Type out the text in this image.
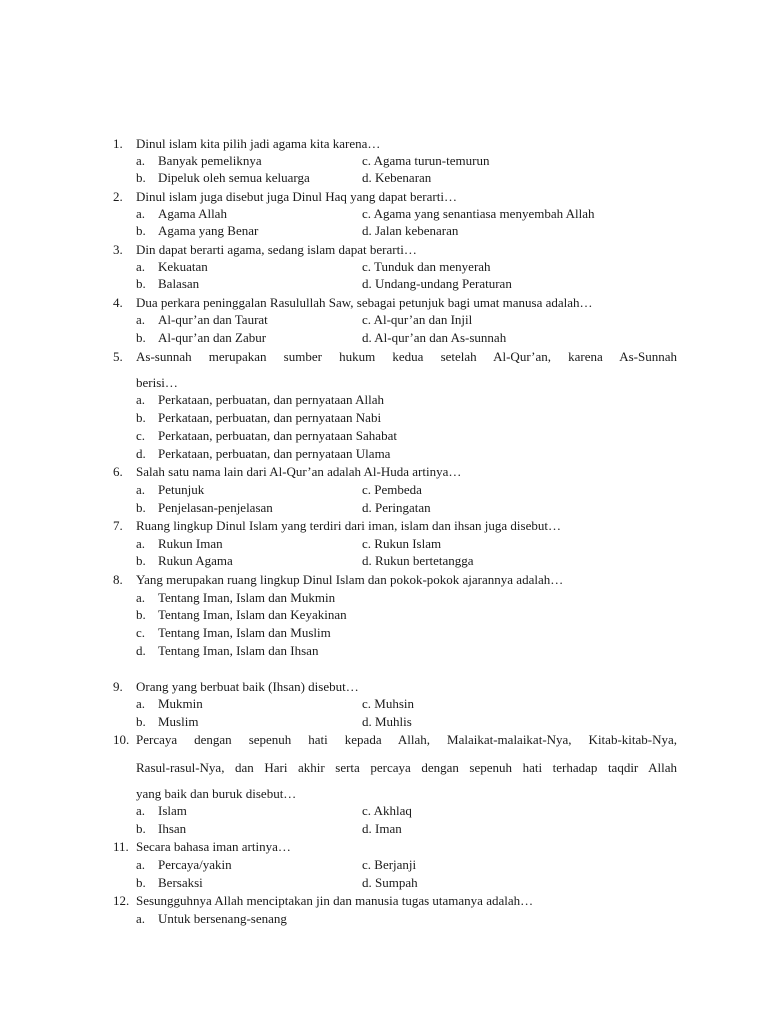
1. Dinul islam kita pilih jadi agama kita karena…
a. Banyak pemeliknya	c. Agama turun-temurun
b. Dipeluk oleh semua keluarga	d. Kebenaran
2. Dinul islam juga disebut juga Dinul Haq yang dapat berarti…
a. Agama Allah	c. Agama yang senantiasa menyembah Allah
b. Agama yang Benar	d. Jalan kebenaran
3. Din dapat berarti agama, sedang islam dapat berarti…
a. Kekuatan	c. Tunduk dan menyerah
b. Balasan	d. Undang-undang Peraturan
4. Dua perkara peninggalan Rasulullah Saw, sebagai petunjuk bagi umat manusa adalah…
a. Al-qur’an dan Taurat	c. Al-qur’an dan Injil
b. Al-qur’an dan Zabur	d. Al-qur’an dan As-sunnah
5. As-sunnah merupakan sumber hukum kedua setelah Al-Qur’an, karena As-Sunnah
berisi…
a. Perkataan, perbuatan, dan pernyataan Allah
b. Perkataan, perbuatan, dan pernyataan Nabi
c. Perkataan, perbuatan, dan pernyataan Sahabat
d. Perkataan, perbuatan, dan pernyataan Ulama
6. Salah satu nama lain dari Al-Qur’an adalah Al-Huda artinya…
a. Petunjuk	c. Pembeda
b. Penjelasan-penjelasan	d. Peringatan
7. Ruang lingkup Dinul Islam yang terdiri dari iman, islam dan ihsan juga disebut…
a. Rukun Iman	c. Rukun Islam
b. Rukun Agama	d. Rukun bertetangga
8. Yang merupakan ruang lingkup Dinul Islam dan pokok-pokok ajarannya adalah…
a. Tentang Iman, Islam dan Mukmin
b. Tentang Iman, Islam dan Keyakinan
c. Tentang Iman, Islam dan Muslim
d. Tentang Iman, Islam dan Ihsan
9. Orang yang berbuat baik (Ihsan) disebut…
a. Mukmin	c. Muhsin
b. Muslim	d. Muhlis
10. Percaya dengan sepenuh hati kepada Allah, Malaikat-malaikat-Nya, Kitab-kitab-Nya,
Rasul-rasul-Nya, dan Hari akhir serta percaya dengan sepenuh hati terhadap taqdir Allah
yang baik dan buruk disebut…
a. Islam	c. Akhlaq
b. Ihsan	d. Iman
11. Secara bahasa iman artinya…
a. Percaya/yakin	c. Berjanji
b. Bersaksi	d. Sumpah
12. Sesungguhnya Allah menciptakan jin dan manusia tugas utamanya adalah…
a. Untuk bersenang-senang
